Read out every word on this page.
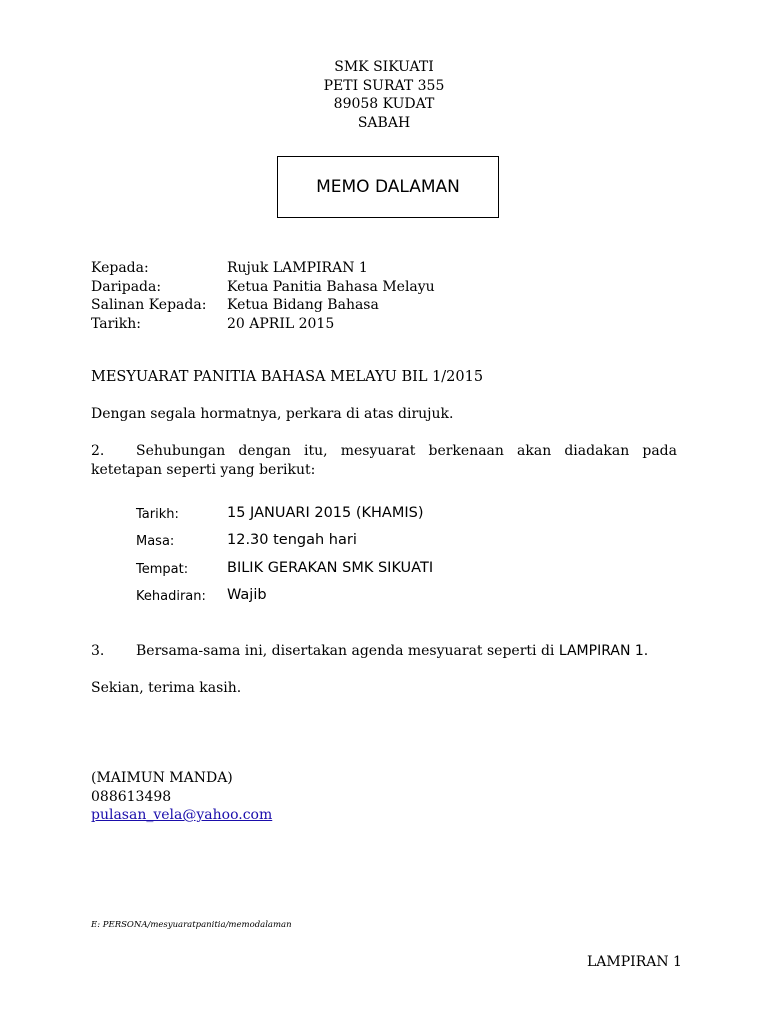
SMK SIKUATI
PETI SURAT 355
89058 KUDAT
SABAH
MEMO DALAMAN
Kepada:	Rujuk LAMPIRAN 1
Daripada:	Ketua Panitia Bahasa Melayu
Salinan Kepada: Ketua Bidang Bahasa
Tarikh:	20 APRIL 2015
MESYUARAT PANITIA BAHASA MELAYU BIL 1/2015
Dengan segala hormatnya, perkara di atas dirujuk.
2. Sehubungan dengan itu, mesyuarat berkenaan akan diadakan pada ketetapan seperti yang berikut:
Tarikh:	15 JANUARI 2015 (KHAMIS)
Masa:	12.30 tengah hari
Tempat:	BILIK GERAKAN SMK SIKUATI
Kehadiran: Wajib
3. Bersama-sama ini, disertakan agenda mesyuarat seperti di LAMPIRAN 1.
Sekian, terima kasih.
(MAIMUN MANDA)
088613498
pulasan_vela@yahoo.com
E: PERSONA/mesyuaratpanitia/memodalaman
LAMPIRAN 1
